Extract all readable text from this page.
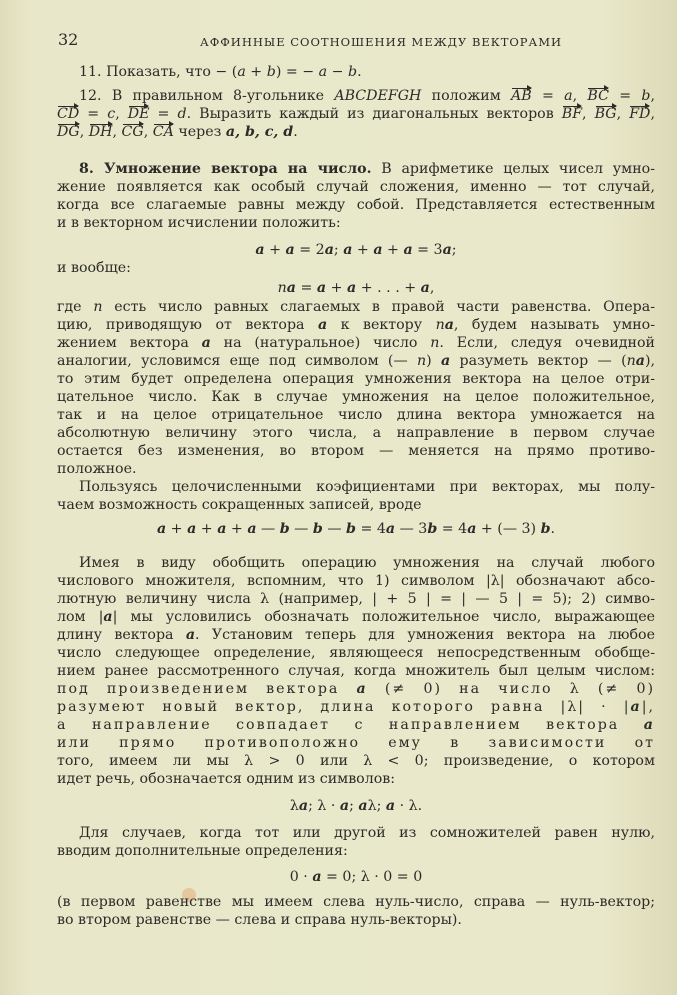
32	АФФИННЫЕ СООТНОШЕНИЯ МЕЖДУ ВЕКТОРАМИ
11. Показать, что − (a + b) = − a − b.
12. В правильном 8-угольнике ABCDEFGH положим AB = a, BC = b,
CD = c, DE = d. Выразить каждый из диагональных векторов BF, BG, FD,
DG, DH, CG, CA через a, b, c, d.
8. Умножение вектора на число. В арифметике целых чисел умно-
жение появляется как особый случай сложения, именно — тот случай,
когда все слагаемые равны между собой. Представляется естественным
и в векторном исчислении положить:
a + a = 2a; a + a + a = 3a;
и вообще:
na = a + a + . . . + a,
где n есть число равных слагаемых в правой части равенства. Опера-
цию, приводящую от вектора a к вектору na, будем называть умно-
жением вектора a на (натуральное) число n. Если, следуя очевидной
аналогии, условимся еще под символом (— n) a разуметь вектор — (na),
то этим будет определена операция умножения вектора на целое отри-
цательное число. Как в случае умножения на целое положительное,
так и на целое отрицательное число длина вектора умножается на
абсолютную величину этого числа, а направление в первом случае
остается без изменения, во втором — меняется на прямо противо-
положное.
Пользуясь целочисленными коэфициентами при векторах, мы полу-
чаем возможность сокращенных записей, вроде
a + a + a + a — b — b — b = 4a — 3b = 4a + (— 3) b.
Имея в виду обобщить операцию умножения на случай любого
числового множителя, вспомним, что 1) символом |λ| обозначают абсо-
лютную величину числа λ (например, | + 5 | = | — 5 | = 5); 2) симво-
лом |a| мы условились обозначать положительное число, выражающее
длину вектора a. Установим теперь для умножения вектора на любое
число следующее определение, являющееся непосредственным обобще-
нием ранее рассмотренного случая, когда множитель был целым числом:
под произведением вектора a (≠ 0) на число λ (≠ 0)
разумеют новый вектор, длина которого равна |λ| · |a|,
а направление совпадает с направлением вектора a
или прямо противоположно ему в зависимости от
того, имеем ли мы λ > 0 или λ < 0; произведение, о котором
идет речь, обозначается одним из символов:
λa; λ · a; aλ; a · λ.
Для случаев, когда тот или другой из сомножителей равен нулю,
вводим дополнительные определения:
0 · a = 0; λ · 0 = 0
(в первом равенстве мы имеем слева нуль-число, справа — нуль-вектор;
во втором равенстве — слева и справа нуль-векторы).
